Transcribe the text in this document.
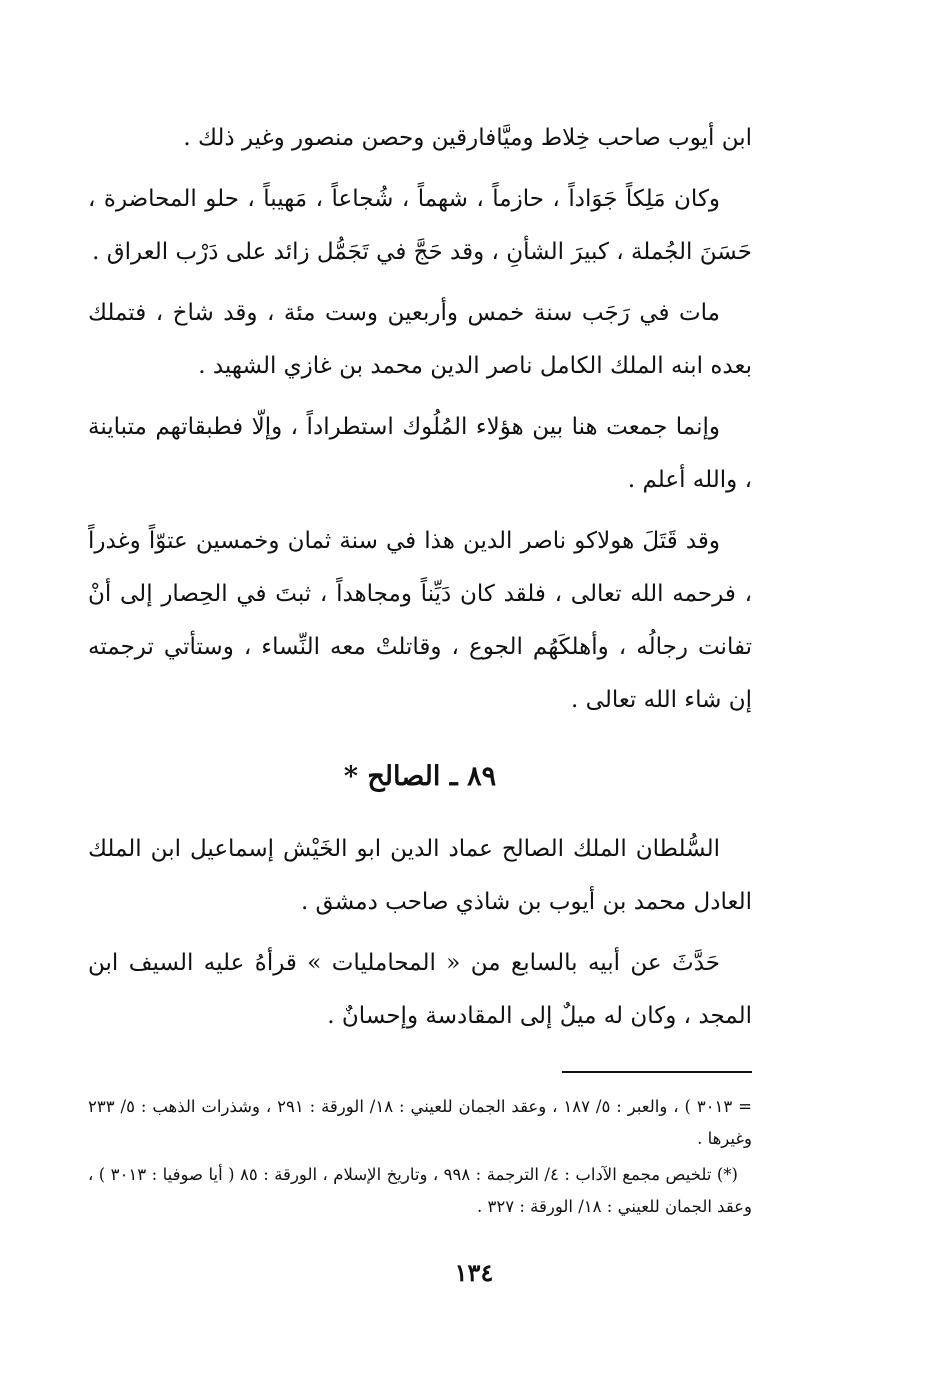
ابن أيوب صاحب خِلاط وميَّافارقين وحصن منصور وغير ذلك .

وكان مَلِكاً جَوَاداً ، حازماً ، شهماً ، شُجاعاً ، مَهيباً ، حلو المحاضرة ، حَسَنَ الجُملة ، كبيرَ الشأنِ ، وقد حَجَّ في تَجَمُّل زائد على دَرْب العراق .

مات في رَجَب سنة خمس وأربعين وست مئة ، وقد شاخ ، فتملك بعده ابنه الملك الكامل ناصر الدين محمد بن غازي الشهيد .

وإنما جمعت هنا بين هؤلاء المُلُوك استطراداً ، وإلّا فطبقاتهم متباينة ، والله أعلم .

وقد قَتَلَ هولاكو ناصر الدين هذا في سنة ثمان وخمسين عتوّاً وغدراً ، فرحمه الله تعالى ، فلقد كان دَيِّناً ومجاهداً ، ثبتَ في الحِصار إلى أنْ تفانت رجالُه ، وأهلكَهُم الجوع ، وقاتلتْ معه النِّساء ، وستأتي ترجمته إن شاء الله تعالى .

٨٩ ـ الصالح *

السُّلطان الملك الصالح عماد الدين ابو الخَيْش إسماعيل ابن الملك العادل محمد بن أيوب بن شاذي صاحب دمشق .

حَدَّثَ عن أبيه بالسابع من « المحامليات » قرأهُ عليه السيف ابن المجد ، وكان له ميلٌ إلى المقادسة وإحسانٌ .

= ٣٠١٣ ) ، والعبر : ٥/ ١٨٧ ، وعقد الجمان للعيني : ١٨/ الورقة : ٢٩١ ، وشذرات الذهب : ٥/ ٢٣٣ وغيرها .

(*) تلخيص مجمع الآداب : ٤/ الترجمة : ٩٩٨ ، وتاريخ الإسلام ، الورقة : ٨٥ ( أيا صوفيا : ٣٠١٣ ) ، وعقد الجمان للعيني : ١٨/ الورقة : ٣٢٧ .

١٣٤
